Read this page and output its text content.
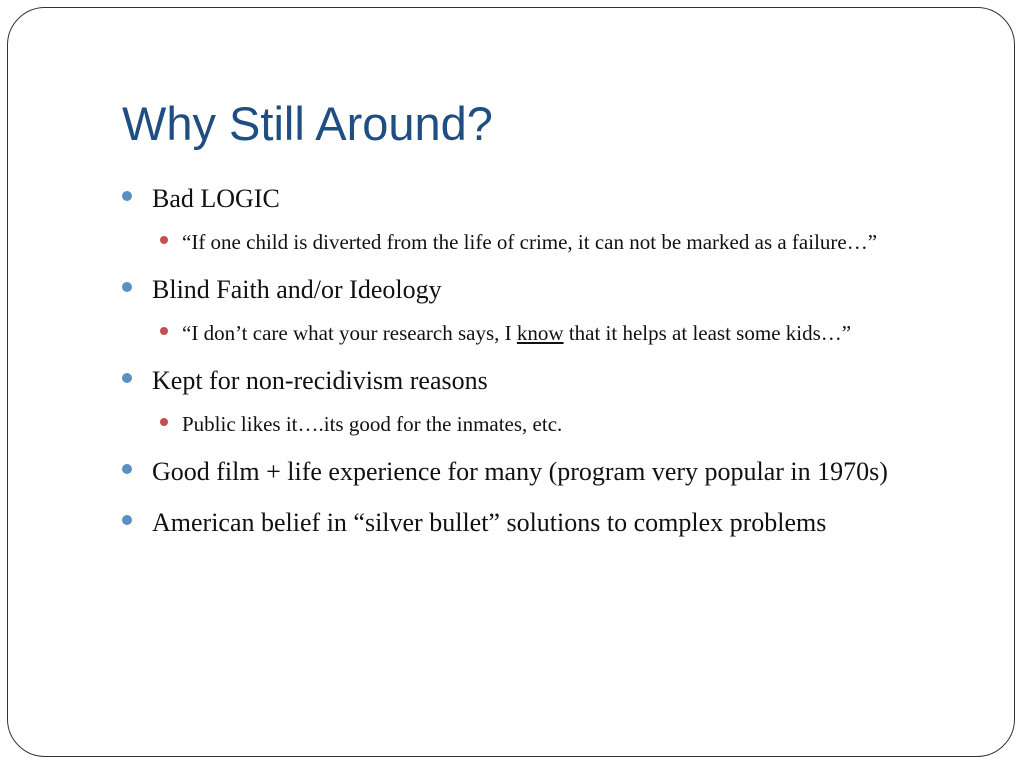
Why Still Around?
Bad LOGIC
“If one child is diverted from the life of crime, it can not be marked as a failure…”
Blind Faith and/or Ideology
“I don’t care what your research says, I know that it helps at least some kids…”
Kept for non-recidivism reasons
Public likes it….its good for the inmates, etc.
Good film + life experience for many (program very popular in 1970s)
American belief in “silver bullet” solutions to complex problems
